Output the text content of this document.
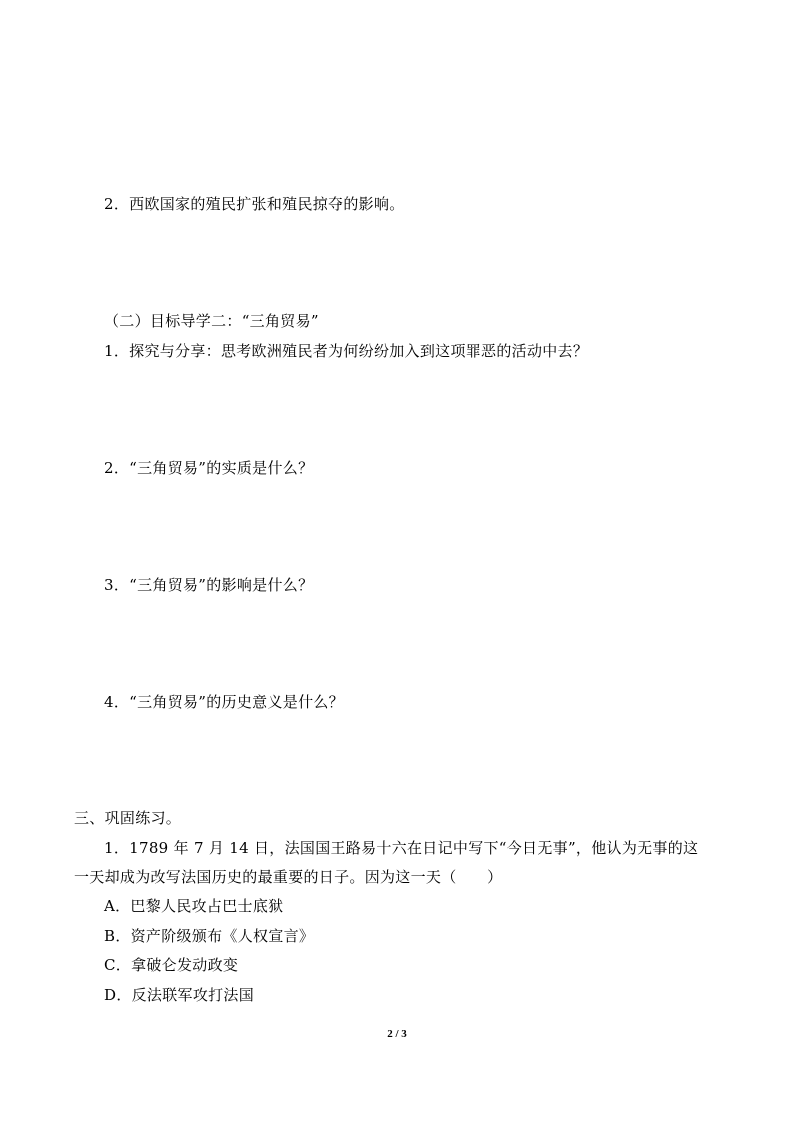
2．西欧国家的殖民扩张和殖民掠夺的影响。
（二）目标导学二：“三角贸易”
1．探究与分享：思考欧洲殖民者为何纷纷加入到这项罪恶的活动中去？
2．“三角贸易”的实质是什么？
3．“三角贸易”的影响是什么？
4．“三角贸易”的历史意义是什么？
三、巩固练习。
1．1789 年 7 月 14 日，法国国王路易十六在日记中写下“今日无事”，他认为无事的这
一天却成为改写法国历史的最重要的日子。因为这一天（　　）
A．巴黎人民攻占巴士底狱
B．资产阶级颁布《人权宣言》
C．拿破仑发动政变
D．反法联军攻打法国
2 / 3
